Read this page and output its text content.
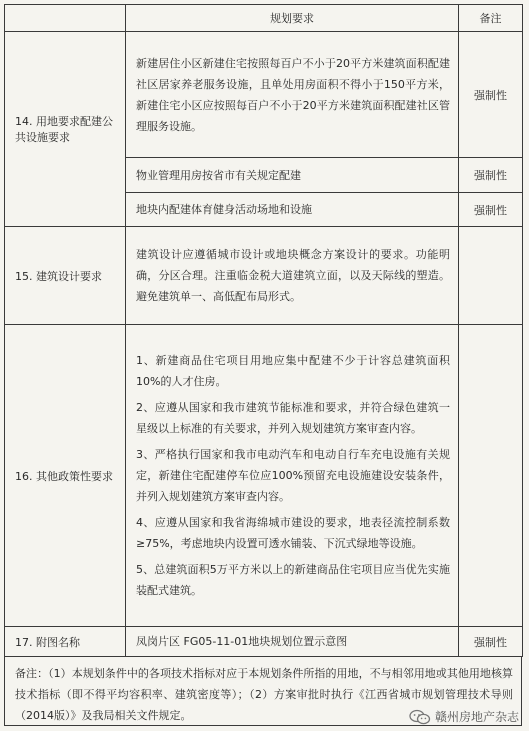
	规划要求	备注
14. 用地要求配建公共设施要求	新建居住小区新建住宅按照每百户不小于20平方米建筑面积配建社区居家养老服务设施，且单处用房面积不得小于150平方米，新建住宅小区应按照每百户不小于20平方米建筑面积配建社区管理服务设施。	强制性

	物业管理用房按省市有关规定配建	强制性

	地块内配建体育健身活动场地和设施	强制性
15. 建筑设计要求	建筑设计应遵循城市设计或地块概念方案设计的要求。功能明确，分区合理。注重临金税大道建筑立面，以及天际线的塑造。避免建筑单一、高低配布局形式。	

16. 其他政策性要求	1、新建商品住宅项目用地应集中配建不少于计容总建筑面积10%的人才住房。

2、应遵从国家和我市建筑节能标准和要求，并符合绿色建筑一星级以上标准的有关要求，并列入规划建筑方案审查内容。

3、严格执行国家和我市电动汽车和电动自行车充电设施有关规定，新建住宅配建停车位应100%预留充电设施建设安装条件，并列入规划建筑方案审查内容。

4、应遵从国家和我省海绵城市建设的要求，地表径流控制系数≥75%，考虑地块内设置可透水铺装、下沉式绿地等设施。

5、总建筑面积5万平方米以上的新建商品住宅项目应当优先实施装配式建筑。	

17. 附图名称	凤岗片区 FG05-11-01地块规划位置示意图	强制性
备注：（1）本规划条件中的各项技术指标对应于本规划条件所指的用地，不与相邻用地或其他用地核算技术指标（即不得平均容积率、建筑密度等）；（2）方案审批时执行《江西省城市规划管理技术导则（2014版）》及我局相关文件规定。	赣州房地产杂志
